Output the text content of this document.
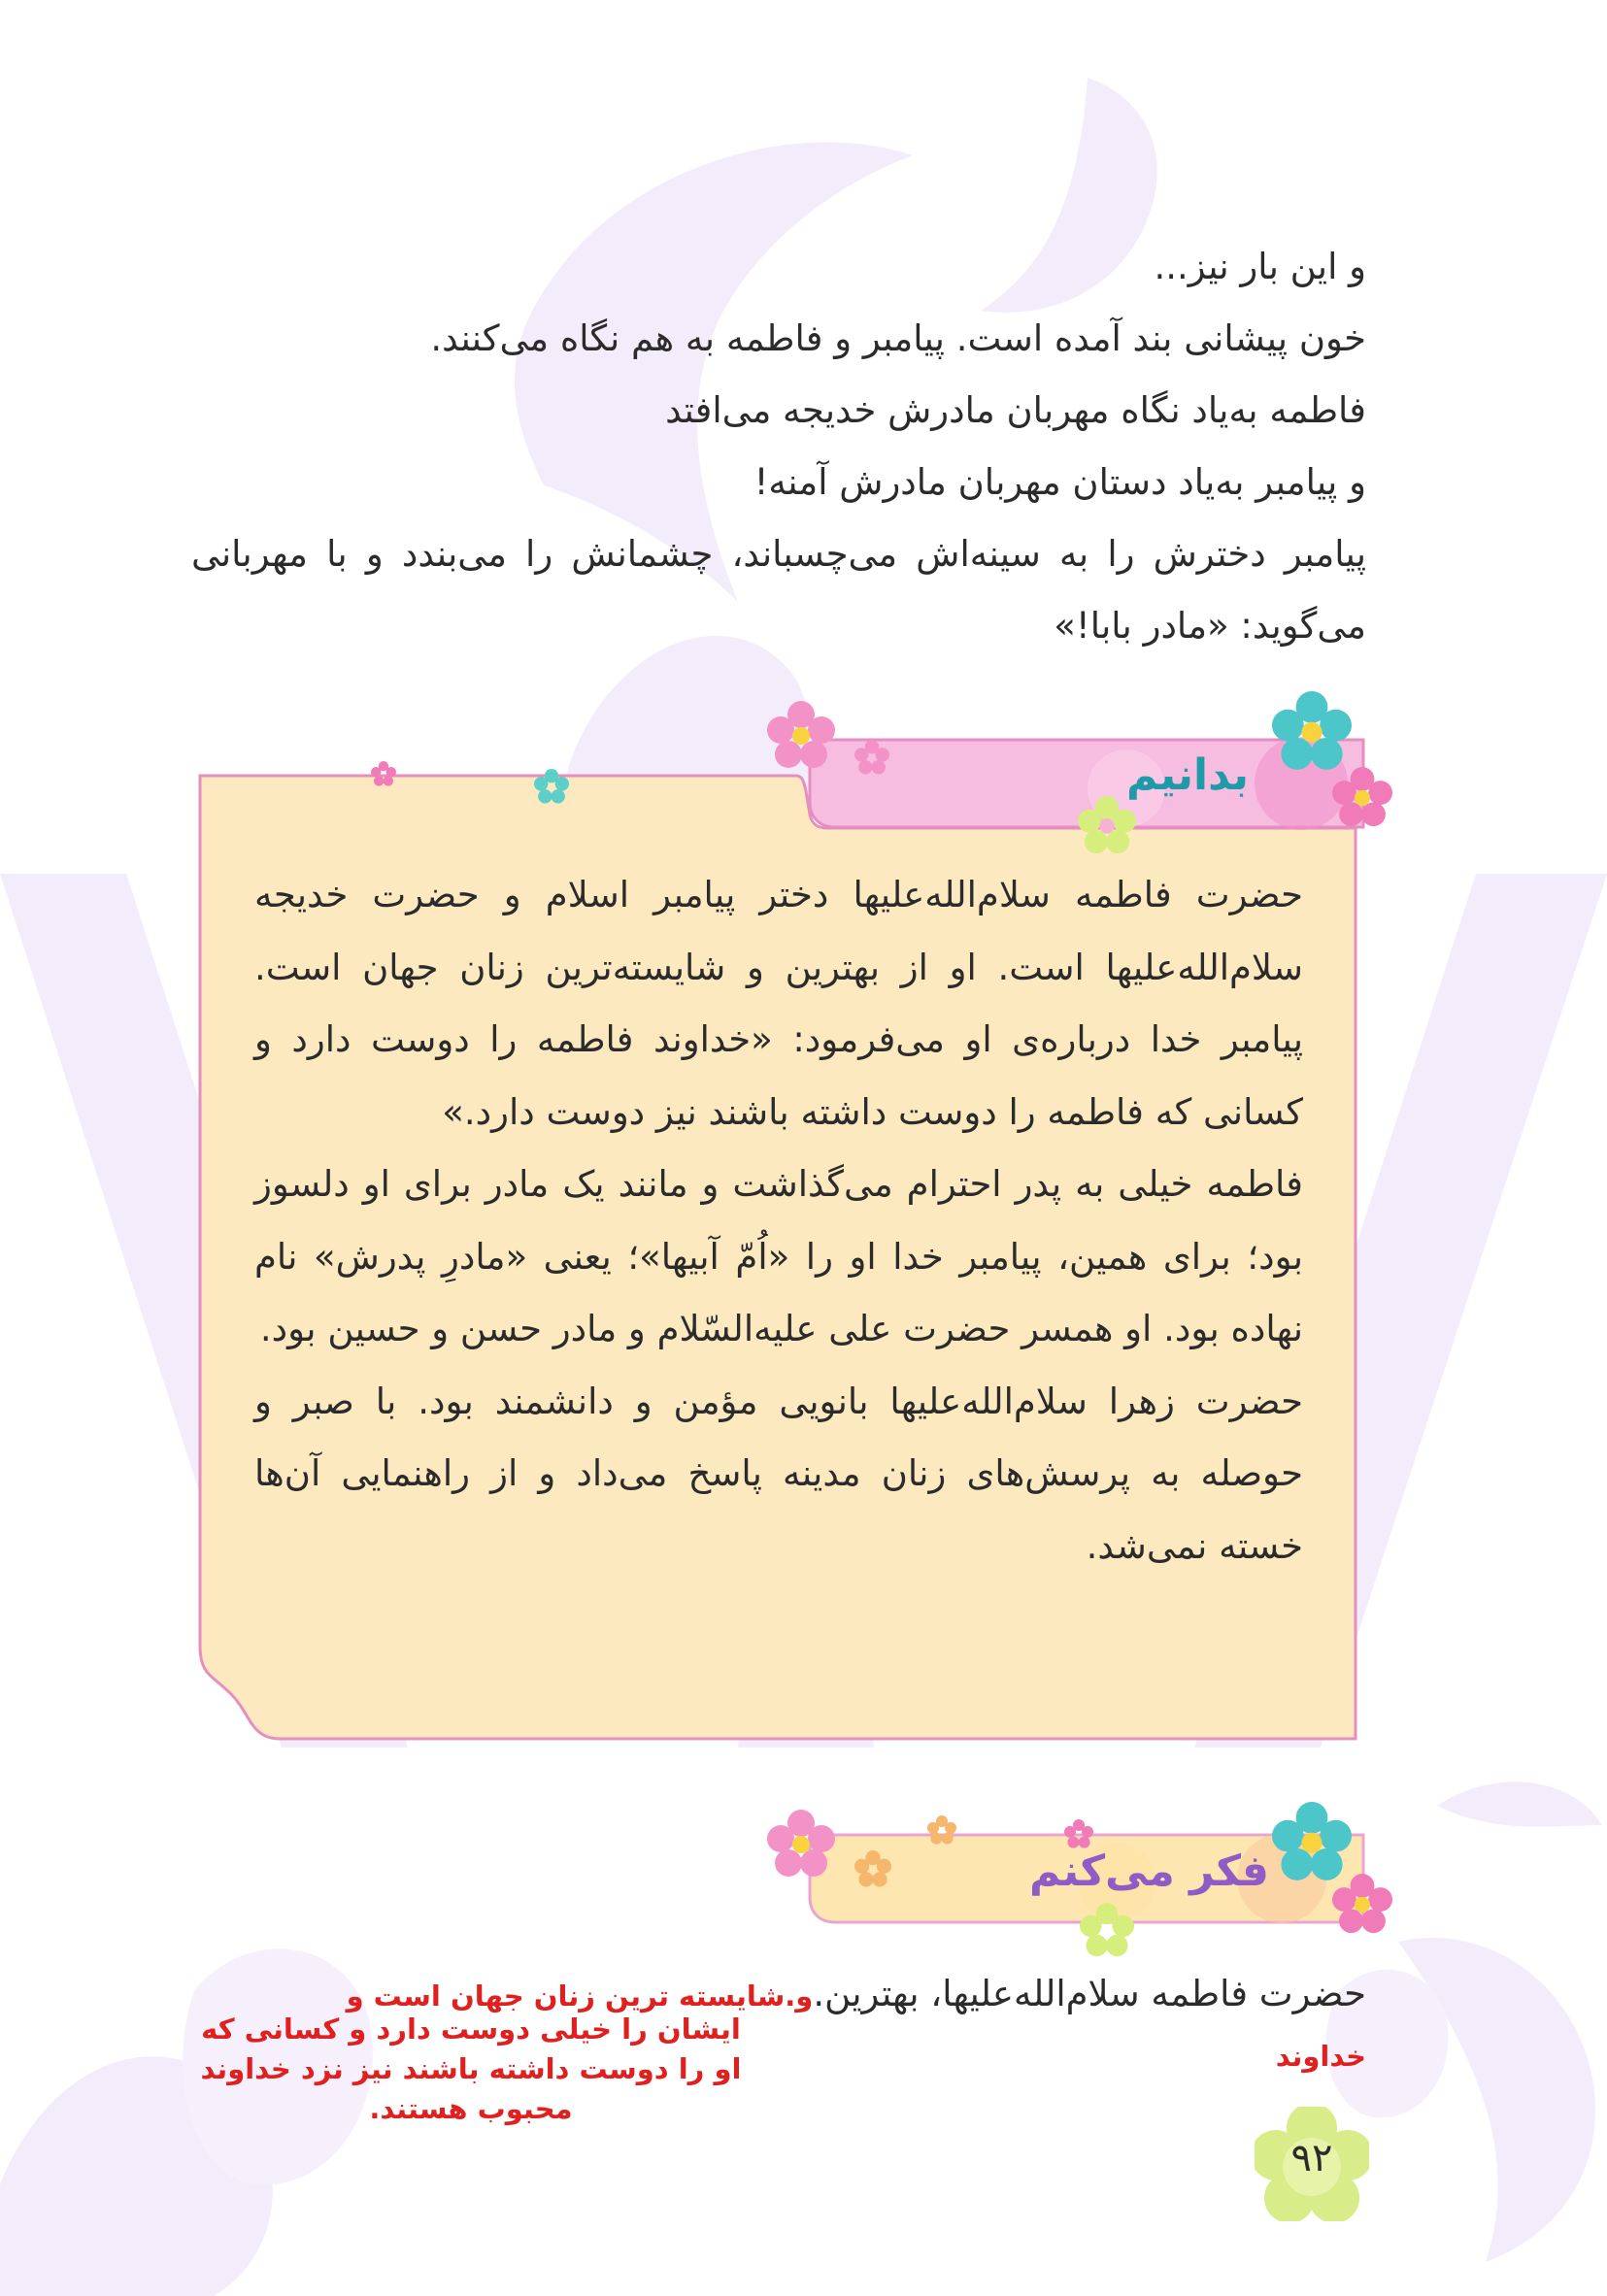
و این بار نیز...

خون پیشانی بند آمده است. پیامبر و فاطمه به هم نگاه می‌کنند.

فاطمه به‌یاد نگاه مهربان مادرش خدیجه می‌افتد

و پیامبر به‌یاد دستان مهربان مادرش آمنه!

پیامبر دخترش را به سینه‌اش می‌چسباند، چشمانش را می‌بندد و با مهربانی می‌گوید: «مادر بابا!»

بدانیم

حضرت فاطمه سلام‌الله‌علیها دختر پیامبر اسلام و حضرت خدیجه سلام‌الله‌علیها است. او از بهترین و شایسته‌ترین زنان جهان است. پیامبر خدا درباره‌ی او می‌فرمود: «خداوند فاطمه را دوست دارد و کسانی که فاطمه را دوست داشته باشند نیز دوست دارد.»

فاطمه خیلی به پدر احترام می‌گذاشت و مانند یک مادر برای او دلسوز بود؛ برای همین، پیامبر خدا او را «اُمّ آبیها»؛ یعنی «مادرِ پدرش» نام نهاده بود. او همسر حضرت علی علیه‌السّلام و مادر حسن و حسین بود.

حضرت زهرا سلام‌الله‌علیها بانویی مؤمن و دانشمند بود. با صبر و حوصله به پرسش‌های زنان مدینه پاسخ می‌داد و از راهنمایی آن‌ها خسته نمی‌شد.

فکر می‌کنم
حضرت فاطمه سلام‌الله‌علیها، بهترین.و.شایسته ترین زنان جهان است و خداوند
ایشان را خیلی دوست دارد و کسانی که او را دوست داشته باشند نیز نزد خداوند محبوب هستند.
۹۲
